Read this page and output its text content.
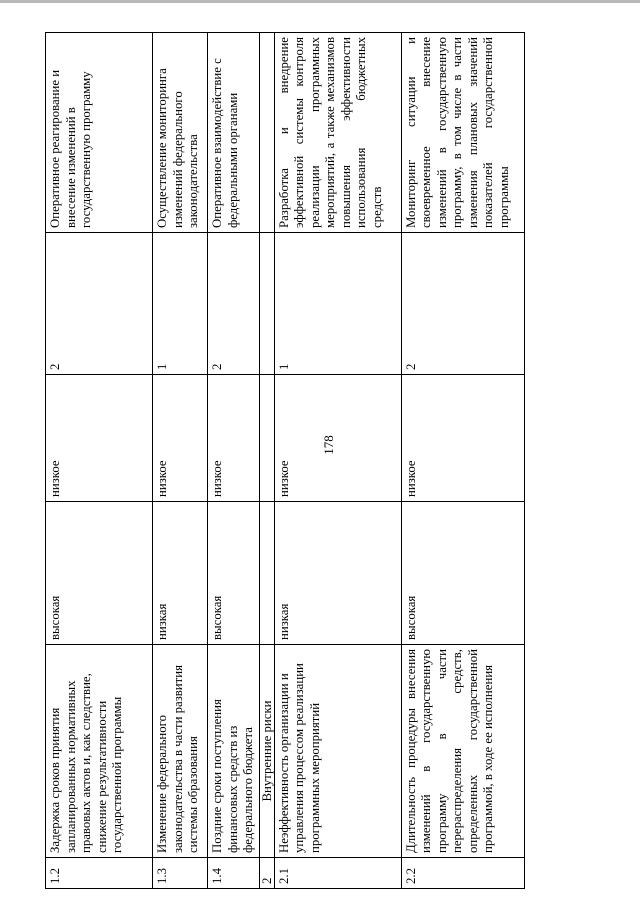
178
1.2	Задержка сроков принятия запланированных нормативных правовых актов и, как следствие, снижение результативности государственной программы	высокая	низкое	2	Оперативное реагирование и внесение изменений в государственную программу
1.3	Изменение федерального законодательства в части развития системы образования	низкая	низкое	1	Осуществление мониторинга изменений федерального законодательства
1.4	Поздние сроки поступления финансовых средств из федерального бюджета	высокая	низкое	2	Оперативное взаимодействие с федеральными органами
2	Внутренние риски				
2.1	Неэффективность организации и управления процессом реализации программных мероприятий	низкая	низкое	1	Разработка и внедрение эффективной системы контроля реализации программных мероприятий, а также механизмов повышения эффективности использования бюджетных средств
2.2	Длительность процедуры внесения изменений в государственную программу в части перераспределения средств, определенных государственной программой, в ходе ее исполнения	высокая	низкое	2	Мониторинг ситуации и своевременное внесение изменений в государственную программу, в том числе в части изменения плановых значений показателей государственной программы
